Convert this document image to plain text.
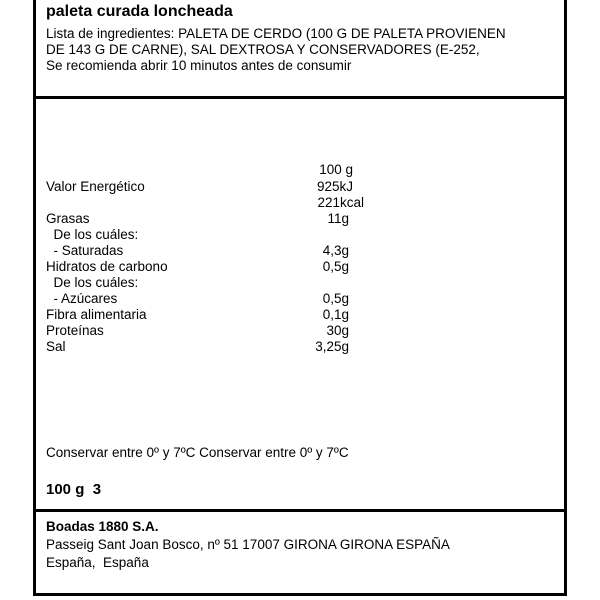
paleta curada loncheada
Lista de ingredientes: PALETA DE CERDO (100 G DE PALETA PROVIENEN
DE 143 G DE CARNE), SAL DEXTROSA Y CONSERVADORES (E-252,
Se recomienda abrir 10 minutos antes de consumir
100 g
Valor Energético	925kJ
221kcal
Grasas	11g
De los cuáles:
- Saturadas	4,3g
Hidratos de carbono	0,5g
De los cuáles:
- Azúcares	0,5g
Fibra alimentaria	0,1g
Proteínas	30g
Sal	3,25g
Conservar entre 0º y 7ºC Conservar entre 0º y 7ºC
100 g  3
Boadas 1880 S.A.
Passeig Sant Joan Bosco, nº 51 17007 GIRONA GIRONA ESPAÑA
España,  España
